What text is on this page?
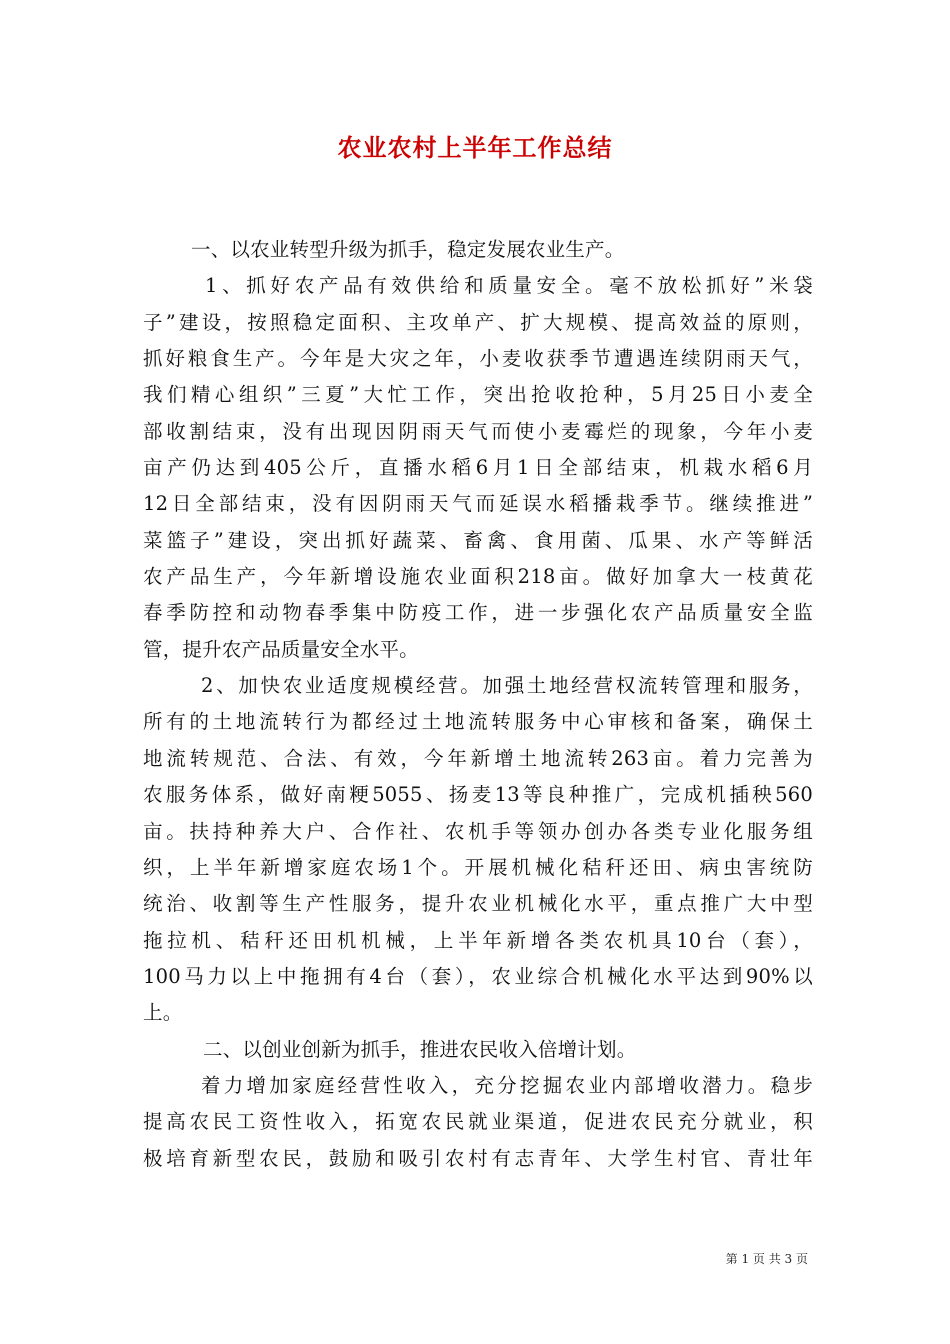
农业农村上半年工作总结

一、以农业转型升级为抓手，稳定发展农业生产。

1、抓好农产品有效供给和质量安全。毫不放松抓好”米袋

子”建设，按照稳定面积、主攻单产、扩大规模、提高效益的原则，

抓好粮食生产。今年是大灾之年，小麦收获季节遭遇连续阴雨天气，

我们精心组织”三夏”大忙工作，突出抢收抢种，5月25日小麦全

部收割结束，没有出现因阴雨天气而使小麦霉烂的现象，今年小麦

亩产仍达到405公斤，直播水稻6月1日全部结束，机栽水稻6月

12日全部结束，没有因阴雨天气而延误水稻播栽季节。继续推进”

菜篮子”建设，突出抓好蔬菜、畜禽、食用菌、瓜果、水产等鲜活

农产品生产，今年新增设施农业面积218亩。做好加拿大一枝黄花

春季防控和动物春季集中防疫工作，进一步强化农产品质量安全监

管，提升农产品质量安全水平。

2、加快农业适度规模经营。加强土地经营权流转管理和服务，

所有的土地流转行为都经过土地流转服务中心审核和备案，确保土

地流转规范、合法、有效，今年新增土地流转263亩。着力完善为

农服务体系，做好南粳5055、扬麦13等良种推广，完成机插秧560

亩。扶持种养大户、合作社、农机手等领办创办各类专业化服务组

织，上半年新增家庭农场1个。开展机械化秸秆还田、病虫害统防

统治、收割等生产性服务，提升农业机械化水平，重点推广大中型

拖拉机、秸秆还田机机械，上半年新增各类农机具10台（套），

100马力以上中拖拥有4台（套），农业综合机械化水平达到90%以

上。

二、以创业创新为抓手，推进农民收入倍增计划。

着力增加家庭经营性收入，充分挖掘农业内部增收潜力。稳步

提高农民工资性收入，拓宽农民就业渠道，促进农民充分就业，积

极培育新型农民，鼓励和吸引农村有志青年、大学生村官、青壮年

第 1 页 共 3 页
